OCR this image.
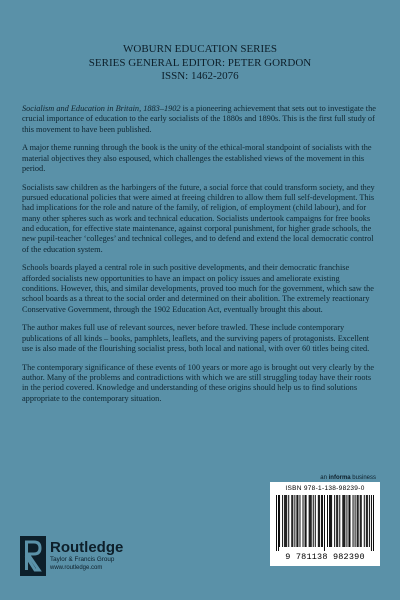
WOBURN EDUCATION SERIES
SERIES GENERAL EDITOR: PETER GORDON
ISSN: 1462-2076

Socialism and Education in Britain, 1883–1902 is a pioneering achievement that sets out to investigate the crucial importance of education to the early socialists of the 1880s and 1890s. This is the first full study of this movement to have been published.

A major theme running through the book is the unity of the ethical-moral standpoint of socialists with the material objectives they also espoused, which challenges the established views of the movement in this period.

Socialists saw children as the harbingers of the future, a social force that could transform society, and they pursued educational policies that were aimed at freeing children to allow them full self-development. This had implications for the role and nature of the family, of religion, of employment (child labour), and for many other spheres such as work and technical education. Socialists undertook campaigns for free books and education, for effective state maintenance, against corporal punishment, for higher grade schools, the new pupil-teacher ‘colleges’ and technical colleges, and to defend and extend the local democratic control of the education system.

Schools boards played a central role in such positive developments, and their democratic franchise afforded socialists new opportunities to have an impact on policy issues and ameliorate existing conditions. However, this, and similar developments, proved too much for the government, which saw the school boards as a threat to the social order and determined on their abolition. The extremely reactionary Conservative Government, through the 1902 Education Act, eventually brought this about.

The author makes full use of relevant sources, never before trawled. These include contemporary publications of all kinds – books, pamphlets, leaflets, and the surviving papers of protagonists. Excellent use is also made of the flourishing socialist press, both local and national, with over 60 titles being cited.

The contemporary significance of these events of 100 years or more ago is brought out very clearly by the author. Many of the problems and contradictions with which we are still struggling today have their roots in the period covered. Knowledge and understanding of these origins should help us to find solutions appropriate to the contemporary situation.

an informa business
ISBN 978-1-138-98239-0
9 781138 982390
Routledge
Taylor & Francis Group
www.routledge.com
